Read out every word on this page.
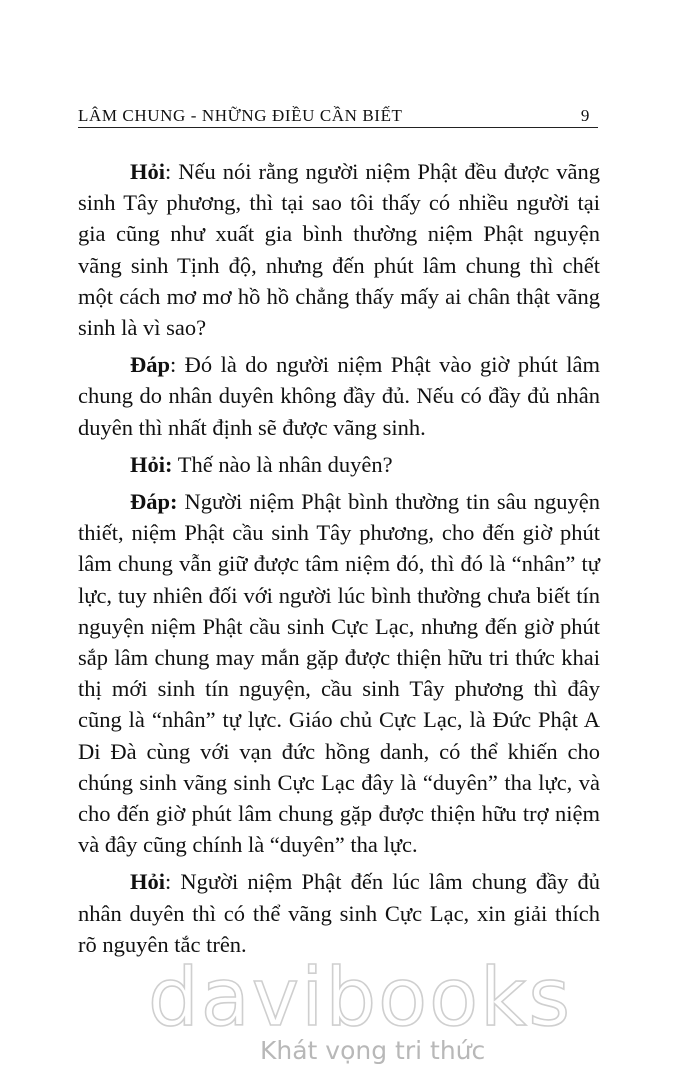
LÂM CHUNG - NHỮNG ĐIỀU CẦN BIẾT	9

Hỏi: Nếu nói rằng người niệm Phật đều được vãng sinh Tây phương, thì tại sao tôi thấy có nhiều người tại gia cũng như xuất gia bình thường niệm Phật nguyện vãng sinh Tịnh độ, nhưng đến phút lâm chung thì chết một cách mơ mơ hồ hồ chẳng thấy mấy ai chân thật vãng sinh là vì sao?

Đáp: Đó là do người niệm Phật vào giờ phút lâm chung do nhân duyên không đầy đủ. Nếu có đầy đủ nhân duyên thì nhất định sẽ được vãng sinh.

Hỏi: Thế nào là nhân duyên?

Đáp: Người niệm Phật bình thường tin sâu nguyện thiết, niệm Phật cầu sinh Tây phương, cho đến giờ phút lâm chung vẫn giữ được tâm niệm đó, thì đó là “nhân” tự lực, tuy nhiên đối với người lúc bình thường chưa biết tín nguyện niệm Phật cầu sinh Cực Lạc, nhưng đến giờ phút sắp lâm chung may mắn gặp được thiện hữu tri thức khai thị mới sinh tín nguyện, cầu sinh Tây phương thì đây cũng là “nhân” tự lực. Giáo chủ Cực Lạc, là Đức Phật A Di Đà cùng với vạn đức hồng danh, có thể khiến cho chúng sinh vãng sinh Cực Lạc đây là “duyên” tha lực, và cho đến giờ phút lâm chung gặp được thiện hữu trợ niệm và đây cũng chính là “duyên” tha lực.

Hỏi: Người niệm Phật đến lúc lâm chung đầy đủ nhân duyên thì có thể vãng sinh Cực Lạc, xin giải thích rõ nguyên tắc trên.

davibooks
Khát vọng tri thức
